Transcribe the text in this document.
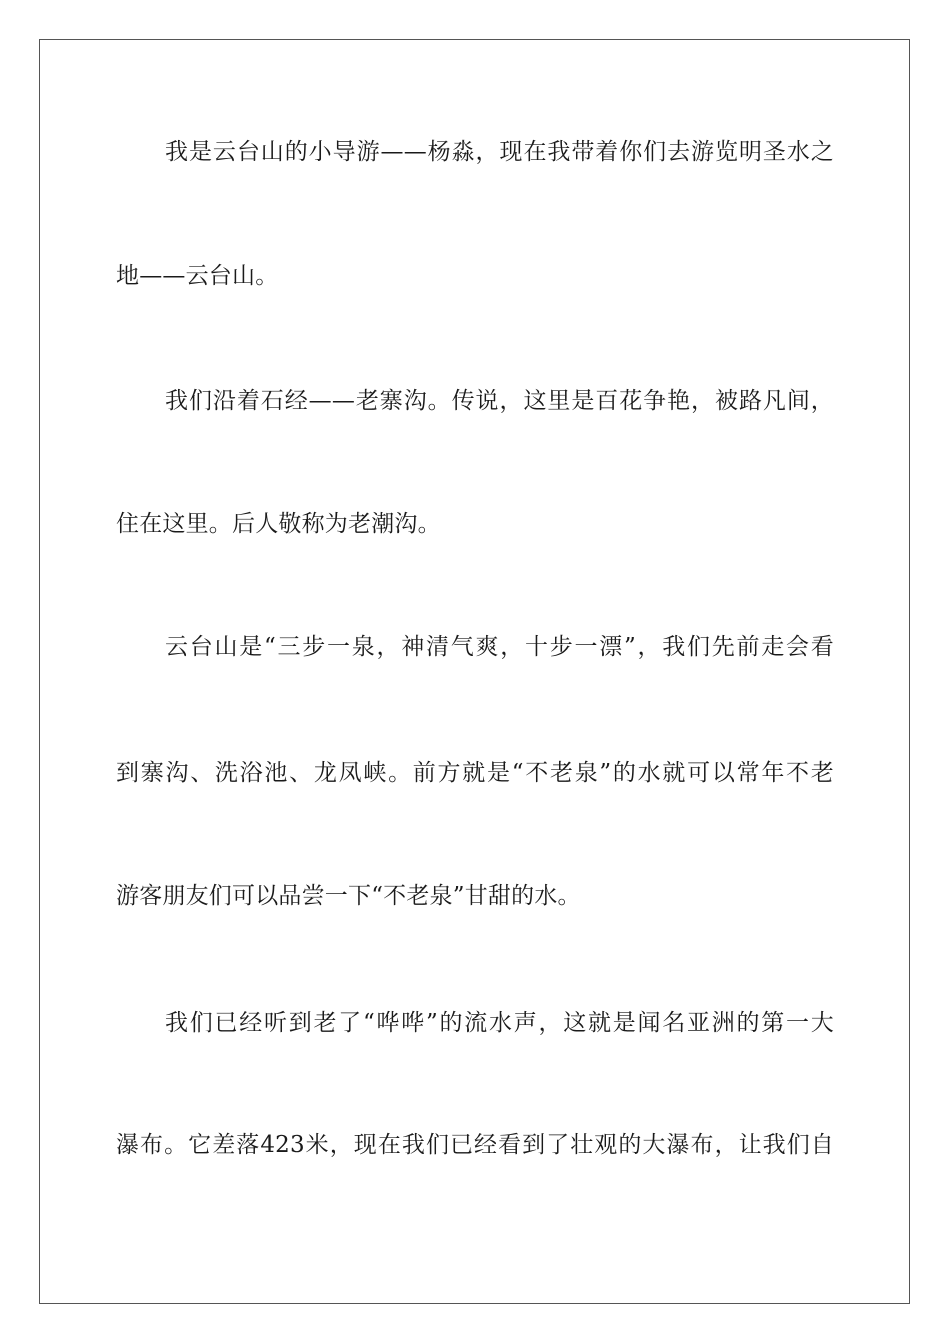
我是云台山的小导游——杨淼，现在我带着你们去游览明圣水之
地——云台山。
我们沿着石经——老寨沟。传说，这里是百花争艳，被路凡间，
住在这里。后人敬称为老潮沟。
云台山是“三步一泉，神清气爽，十步一漂”，我们先前走会看
到寨沟、洗浴池、龙凤峡。前方就是“不老泉”的水就可以常年不老
游客朋友们可以品尝一下“不老泉”甘甜的水。
我们已经听到老了“哗哗”的流水声，这就是闻名亚洲的第一大
瀑布。它差落423米，现在我们已经看到了壮观的大瀑布，让我们自
